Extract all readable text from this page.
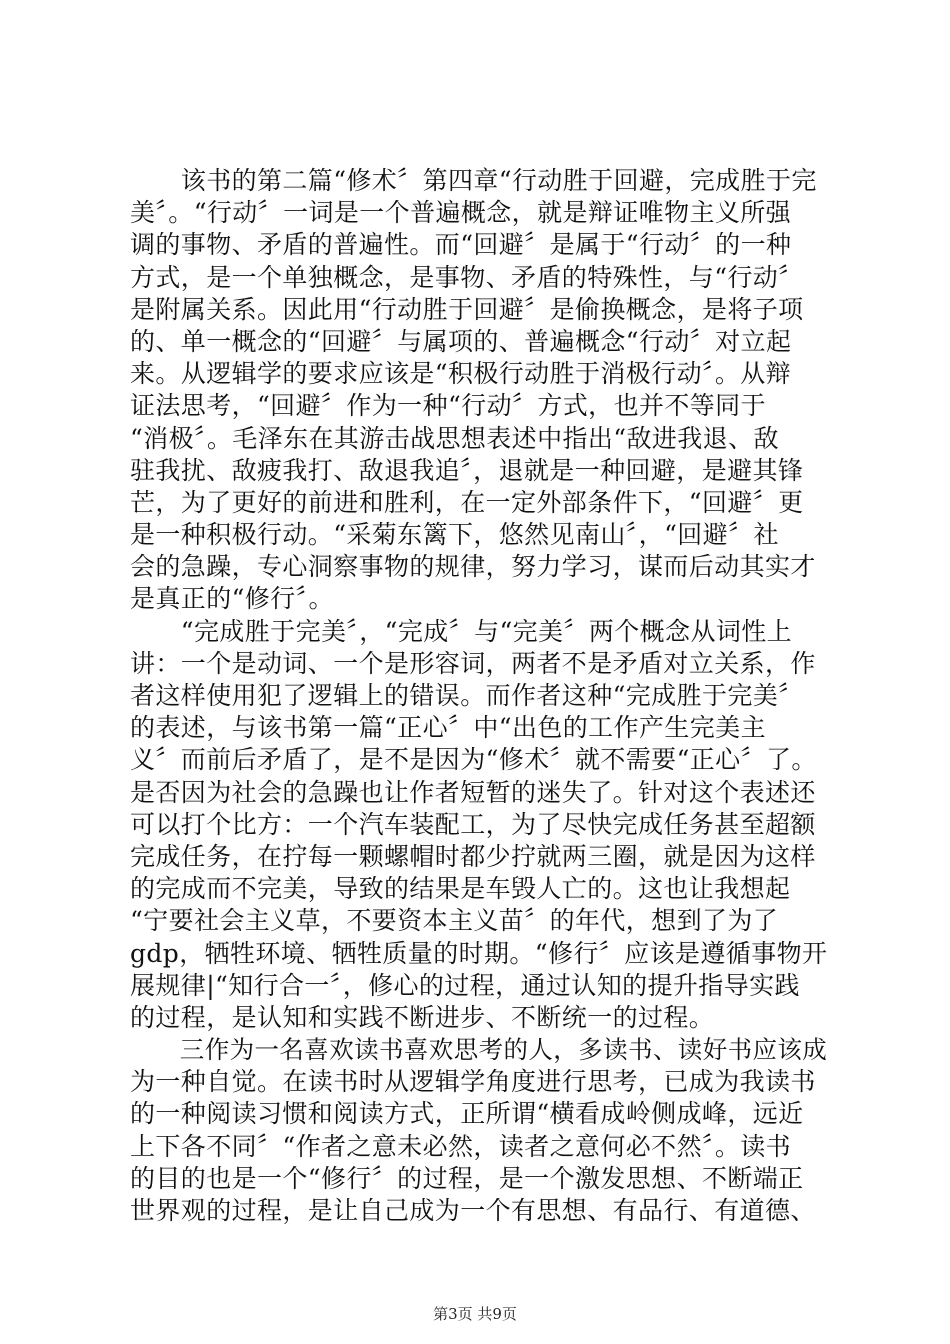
　　该书的第二篇“修术〞第四章“行动胜于回避，完成胜于完
美〞。“行动〞一词是一个普遍概念，就是辩证唯物主义所强
调的事物、矛盾的普遍性。而“回避〞是属于“行动〞的一种
方式，是一个单独概念，是事物、矛盾的特殊性，与“行动〞
是附属关系。因此用“行动胜于回避〞是偷换概念，是将子项
的、单一概念的“回避〞与属项的、普遍概念“行动〞对立起
来。从逻辑学的要求应该是“积极行动胜于消极行动〞。从辩
证法思考，“回避〞作为一种“行动〞方式，也并不等同于
“消极〞。毛泽东在其游击战思想表述中指出“敌进我退、敌
驻我扰、敌疲我打、敌退我追〞，退就是一种回避，是避其锋
芒，为了更好的前进和胜利，在一定外部条件下，“回避〞更
是一种积极行动。“采菊东篱下，悠然见南山〞，“回避〞社
会的急躁，专心洞察事物的规律，努力学习，谋而后动其实才
是真正的“修行〞。
　　“完成胜于完美〞，“完成〞与“完美〞两个概念从词性上
讲：一个是动词、一个是形容词，两者不是矛盾对立关系，作
者这样使用犯了逻辑上的错误。而作者这种“完成胜于完美〞
的表述，与该书第一篇“正心〞中“出色的工作产生完美主
义〞而前后矛盾了，是不是因为“修术〞就不需要“正心〞了。
是否因为社会的急躁也让作者短暂的迷失了。针对这个表述还
可以打个比方：一个汽车装配工，为了尽快完成任务甚至超额
完成任务，在拧每一颗螺帽时都少拧就两三圈，就是因为这样
的完成而不完美，导致的结果是车毁人亡的。这也让我想起
“宁要社会主义草，不要资本主义苗〞的年代，想到了为了
gdp，牺牲环境、牺牲质量的时期。“修行〞应该是遵循事物开
展规律|“知行合一〞，修心的过程，通过认知的提升指导实践
的过程，是认知和实践不断进步、不断统一的过程。
　　三作为一名喜欢读书喜欢思考的人，多读书、读好书应该成
为一种自觉。在读书时从逻辑学角度进行思考，已成为我读书
的一种阅读习惯和阅读方式，正所谓“横看成岭侧成峰，远近
上下各不同〞“作者之意未必然，读者之意何必不然〞。读书
的目的也是一个“修行〞的过程，是一个激发思想、不断端正
世界观的过程，是让自己成为一个有思想、有品行、有道德、
第3页 共9页
